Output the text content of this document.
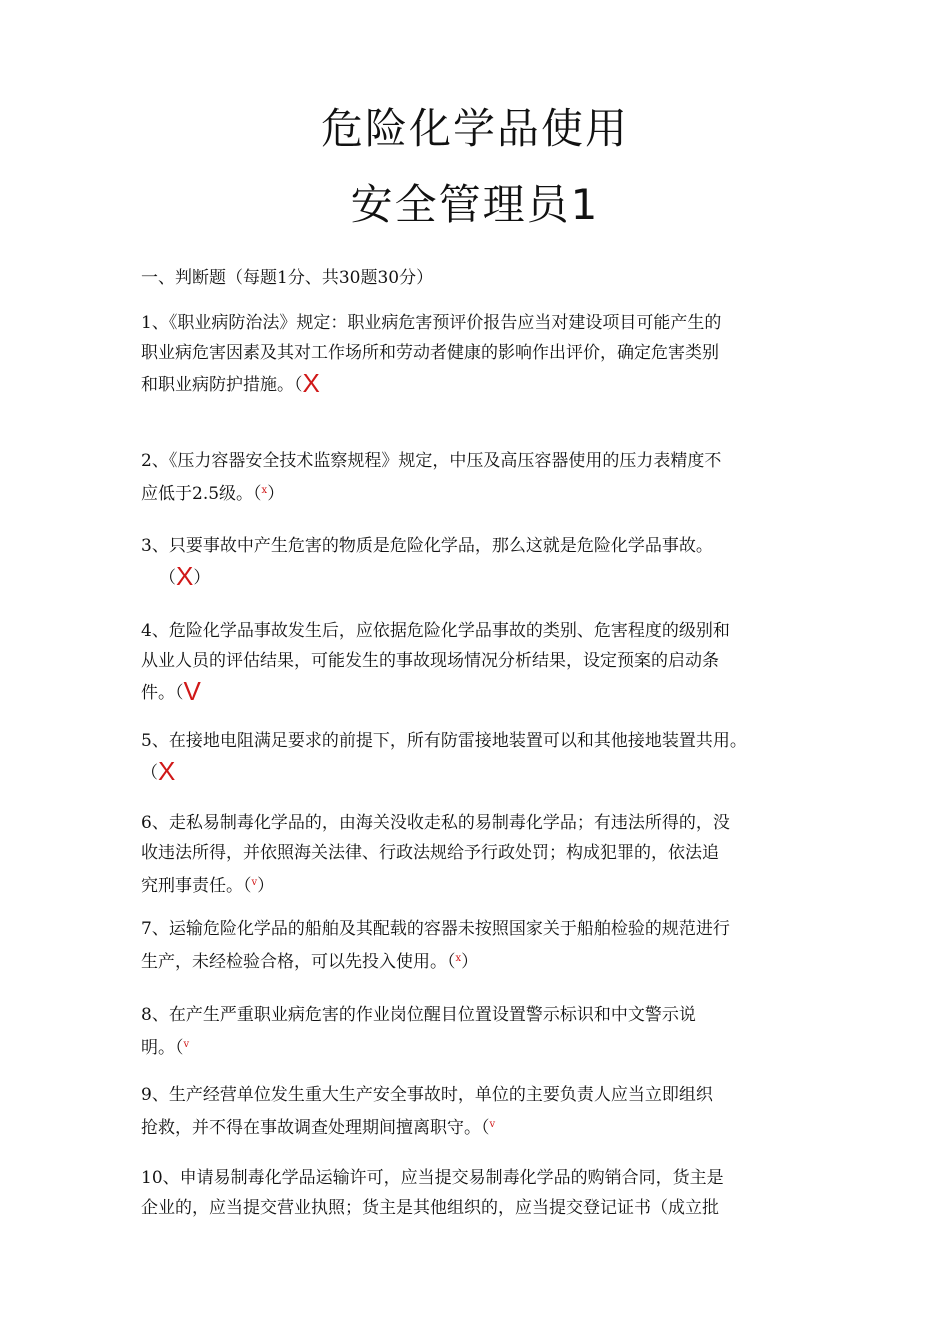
危险化学品使用
安全管理员1
一、判断题（每题1分、共30题30分）
1、《职业病防治法》规定：职业病危害预评价报告应当对建设项目可能产生的
职业病危害因素及其对工作场所和劳动者健康的影响作出评价，确定危害类别
和职业病防护措施。（X
2、《压力容器安全技术监察规程》规定，中压及高压容器使用的压力表精度不
应低于2.5级。（$^x$）
3、只要事故中产生危害的物质是危险化学品，那么这就是危险化学品事故。
（X）
4、危险化学品事故发生后，应依据危险化学品事故的类别、危害程度的级别和
从业人员的评估结果，可能发生的事故现场情况分析结果，设定预案的启动条
件。（V
5、在接地电阻满足要求的前提下，所有防雷接地装置可以和其他接地装置共用。
（X
6、走私易制毒化学品的，由海关没收走私的易制毒化学品；有违法所得的，没
收违法所得，并依照海关法律、行政法规给予行政处罚；构成犯罪的，依法追
究刑事责任。（$^v$）
7、运输危险化学品的船舶及其配载的容器未按照国家关于船舶检验的规范进行
生产，未经检验合格，可以先投入使用。（$^x$）
8、在产生严重职业病危害的作业岗位醒目位置设置警示标识和中文警示说
明。（$^v$
9、生产经营单位发生重大生产安全事故时，单位的主要负责人应当立即组织
抢救，并不得在事故调查处理期间擅离职守。（$^v$
10、申请易制毒化学品运输许可，应当提交易制毒化学品的购销合同，货主是
企业的，应当提交营业执照；货主是其他组织的，应当提交登记证书（成立批
